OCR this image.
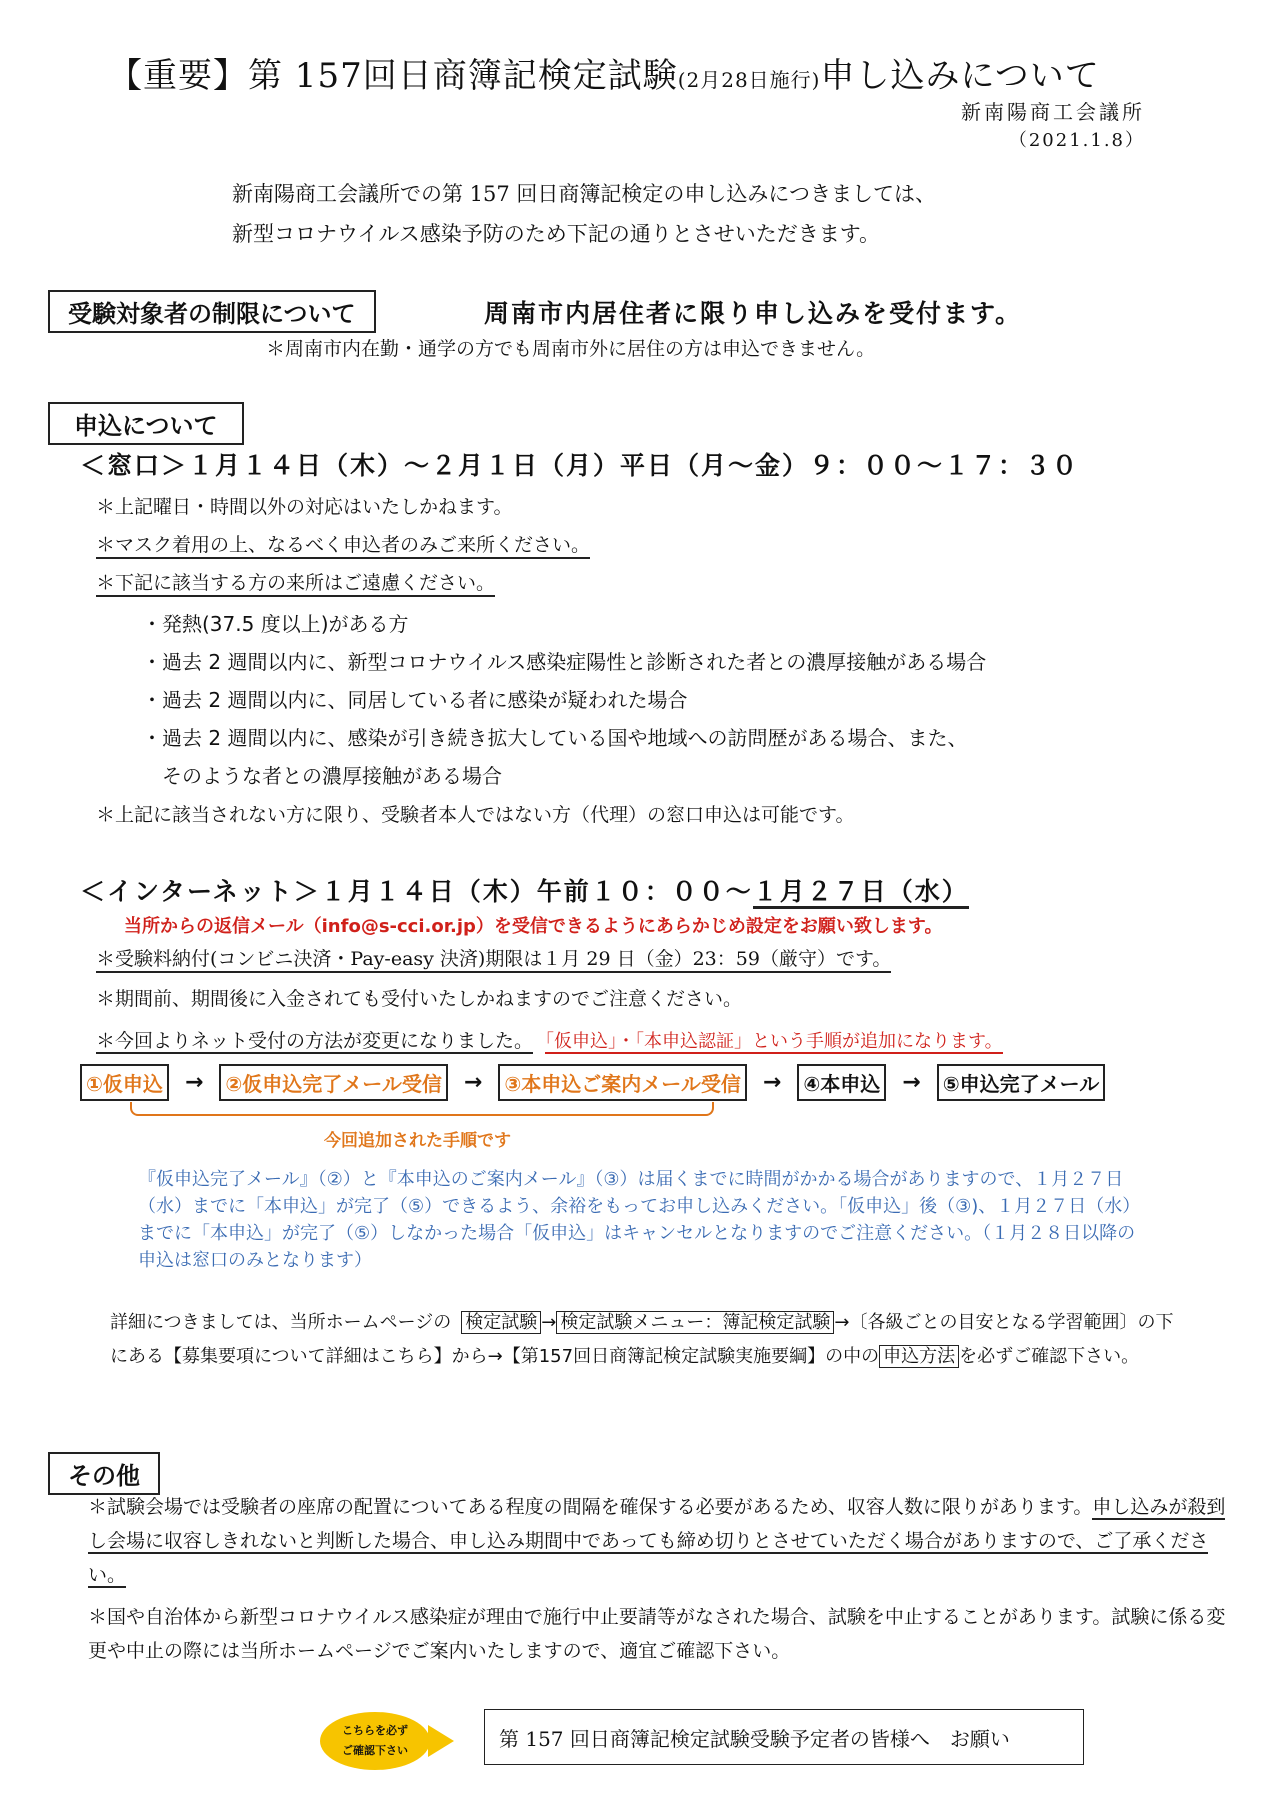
【重要】第 157回日商簿記検定試験(2月28日施行)申し込みについて
新南陽商工会議所
（2021.1.8）
新南陽商工会議所での第 157 回日商簿記検定の申し込みにつきましては、
新型コロナウイルス感染予防のため下記の通りとさせいただきます。
受験対象者の制限について	周南市内居住者に限り申し込みを受付ます。
＊周南市内在勤・通学の方でも周南市外に居住の方は申込できません。
申込について
＜窓口＞１月１４日（木）～２月１日（月）平日（月～金）９：００～１７：３０
＊上記曜日・時間以外の対応はいたしかねます。
＊マスク着用の上、なるべく申込者のみご来所ください。
＊下記に該当する方の来所はご遠慮ください。
・発熱(37.5 度以上)がある方
・過去 2 週間以内に、新型コロナウイルス感染症陽性と診断された者との濃厚接触がある場合
・過去 2 週間以内に、同居している者に感染が疑われた場合
・過去 2 週間以内に、感染が引き続き拡大している国や地域への訪問歴がある場合、また、
　そのような者との濃厚接触がある場合
＊上記に該当されない方に限り、受験者本人ではない方（代理）の窓口申込は可能です。
＜インターネット＞１月１４日（木）午前１０：００～１月２７日（水）
当所からの返信メール（info@s-cci.or.jp）を受信できるようにあらかじめ設定をお願い致します。
＊受験料納付(コンビニ決済・Pay-easy 決済)期限は１月 29 日（金）23：59（厳守）です。
＊期間前、期間後に入金されても受付いたしかねますのでご注意ください。
＊今回よりネット受付の方法が変更になりました。 「仮申込」・「本申込認証」という手順が追加になります。
①仮申込 →	②仮申込完了メール受信 →	③本申込ご案内メール受信 →	④本申込 →	⑤申込完了メール
今回追加された手順です
『仮申込完了メール』（②）と『本申込のご案内メール』（③）は届くまでに時間がかかる場合がありますので、１月２７日（水）までに「本申込」が完了（⑤）できるよう、余裕をもってお申し込みください。「仮申込」後（③)、１月２７日（水）までに「本申込」が完了（⑤）しなかった場合「仮申込」はキャンセルとなりますのでご注意ください。（１月２８日以降の申込は窓口のみとなります）
詳細につきましては、当所ホームページの 検定試験 → 検定試験メニュー：簿記検定試験 →〔各級ごとの目安となる学習範囲〕の下にある【募集要項について詳細はこちら】から→【第157回日商簿記検定試験実施要綱】の中の 申込方法 を必ずご確認下さい。
その他
＊試験会場では受験者の座席の配置についてある程度の間隔を確保する必要があるため、収容人数に限りがあります。申し込みが殺到し会場に収容しきれないと判断した場合、申し込み期間中であっても締め切りとさせていただく場合がありますので、ご了承ください。
＊国や自治体から新型コロナウイルス感染症が理由で施行中止要請等がなされた場合、試験を中止することがあります。試験に係る変更や中止の際には当所ホームページでご案内いたしますので、適宜ご確認下さい。
こちらを必ず
ご確認下さい	第 157 回日商簿記検定試験受験予定者の皆様へ　お願い
